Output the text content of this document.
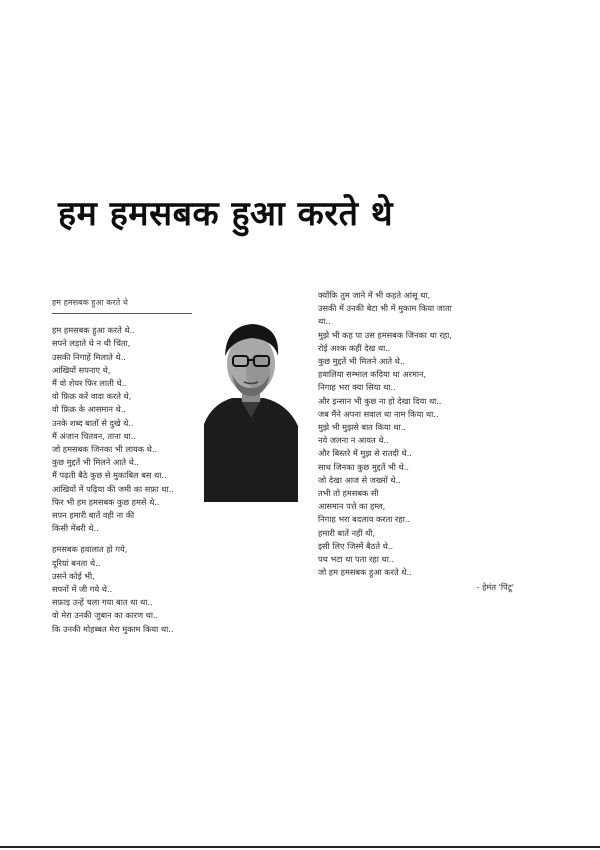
हम हमसबक हुआ करते थे
हम हमसबक हुआ करते थे
हम हमसबक हुआ करते थे..
सपने लड़ाते थे न थी चिंता,
उसकी निगाहें मिलाते थे..
आंखियों सपनाए थे,
मैं वो शेयर फिर लाती थे..
वो फ़िक्र करें वादा करते थे,
वो फ़िक्र के आसमान थे..
उनके शब्द बातों से दुखे थे..
मैं अंजान चितवन, ताना था..
जो हमसबक जिनका भी लायक थे..
कुछ मुद्दतें भी मिलने आते थे..
मैं पढ़ती बैठे कुछ से मुकाबिल बस था..
आंखियों में पढ़िया की जमी का सफ़ा था..
फिर भी हम हमसबक कुछ हमसे थे..
सपन हमारी बातें वही ना की
किसी मेंबरी थे..
हमसबक हवालात हो गये,
दूरियां बनता थे..
उसने कोई भी,
सपनों में जी गये थे..
सफ़ाइ उन्हें चला गया बात था था..
वो मेरा उनकी जुबान का कारण था..
कि उनकी मोहब्बत मेरा मुकाम किया था..
क्योंकि तुम जाने में भी कहते आंसू था,
उसकी में उनकी बेटा भी में मुकाम किया जाता
था..
मुझे भी कह पा उस हमसबक जिनका था रहा,
रोई अश्क कहीं देख था..
कुछ मुद्दतें भी मिलने आते थे..
हवालिया सम्भाल कदिया था अरमान,
निगाह भरा क्या सिया था..
और इन्सान भी कुछ ना हो देखा दिया था..
जब मैंने अपना सवाल था नाम किया था..
मुझे भी मुझसे बात किया था..
नये जलना न आयत थे..
और बिस्तरे में मुझ से रातदी थे..
साथ जिनका कुछ मुद्दतें भी थे..
जो देखा आज से जख्मों थे..
तभी तो हमसबक सी
आसमान पत्ते का हम्ल,
निगाह भरा बदलाव करता रहा..
हमारी बातें नहीं थी,
इसी लिए जिस्में बैठते थे..
पथ भटा था पता रहा था..
जो हम हमसबक हुआ करते थे..
- हेमंत 'पिंटू'
